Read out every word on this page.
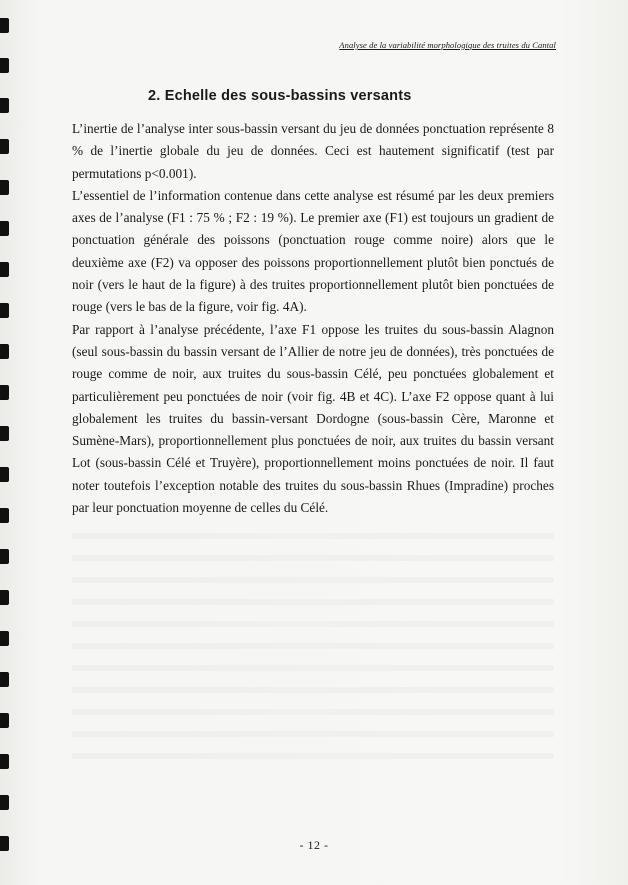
Analyse de la variabilité morphologique des truites du Cantal
2. Echelle des sous-bassins versants

L’inertie de l’analyse inter sous-bassin versant du jeu de données ponctuation représente 8 % de l’inertie globale du jeu de données. Ceci est hautement significatif (test par permutations p<0.001).

L’essentiel de l’information contenue dans cette analyse est résumé par les deux premiers axes de l’analyse (F1 : 75 % ; F2 : 19 %). Le premier axe (F1) est toujours un gradient de ponctuation générale des poissons (ponctuation rouge comme noire) alors que le deuxième axe (F2) va opposer des poissons proportionnellement plutôt bien ponctués de noir (vers le haut de la figure) à des truites proportionnellement plutôt bien ponctuées de rouge (vers le bas de la figure, voir fig. 4A).

Par rapport à l’analyse précédente, l’axe F1 oppose les truites du sous-bassin Alagnon (seul sous-bassin du bassin versant de l’Allier de notre jeu de données), très ponctuées de rouge comme de noir, aux truites du sous-bassin Célé, peu ponctuées globalement et particulièrement peu ponctuées de noir (voir fig. 4B et 4C). L’axe F2 oppose quant à lui globalement les truites du bassin-versant Dordogne (sous-bassin Cère, Maronne et Sumène-Mars), proportionnellement plus ponctuées de noir, aux truites du bassin versant Lot (sous-bassin Célé et Truyère), proportionnellement moins ponctuées de noir. Il faut noter toutefois l’exception notable des truites du sous-bassin Rhues (Impradine) proches par leur ponctuation moyenne de celles du Célé.

- 12 -
